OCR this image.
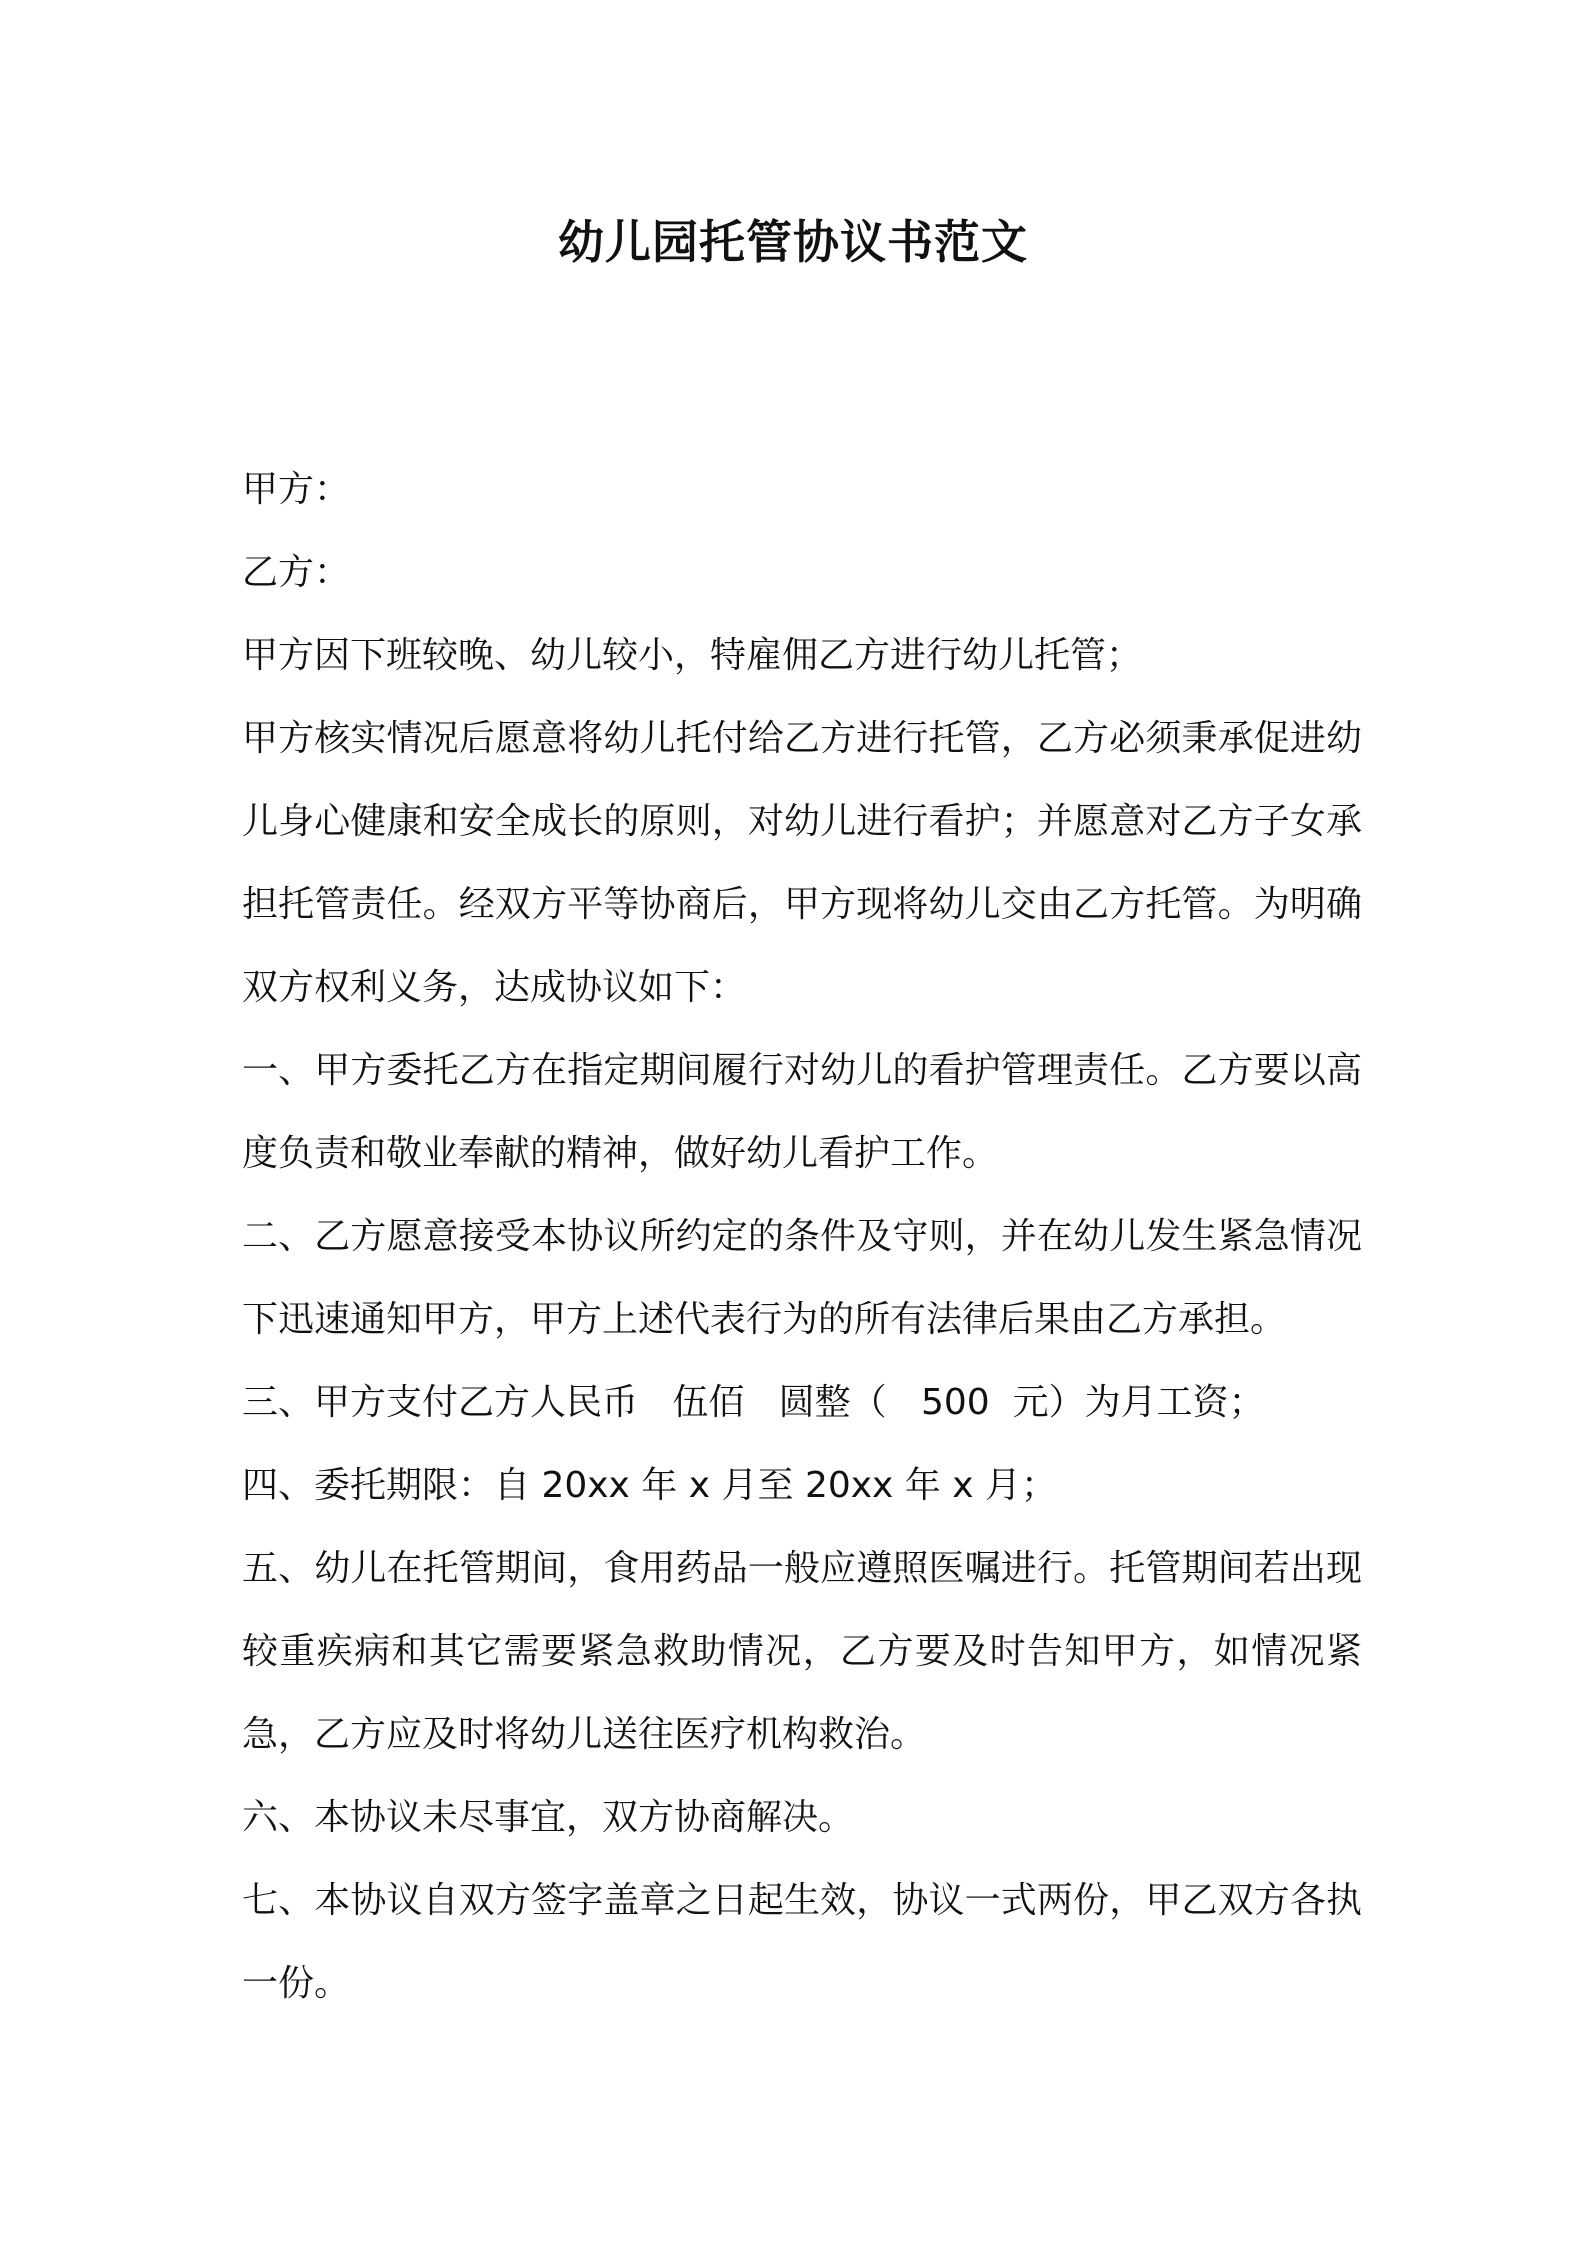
幼儿园托管协议书范文

甲方：

乙方：

甲方因下班较晚、幼儿较小，特雇佣乙方进行幼儿托管；

甲方核实情况后愿意将幼儿托付给乙方进行托管，乙方必须秉承促进幼儿身心健康和安全成长的原则，对幼儿进行看护；并愿意对乙方子女承担托管责任。经双方平等协商后，甲方现将幼儿交由乙方托管。为明确双方权利义务，达成协议如下：

一、甲方委托乙方在指定期间履行对幼儿的看护管理责任。乙方要以高度负责和敬业奉献的精神，做好幼儿看护工作。

二、乙方愿意接受本协议所约定的条件及守则，并在幼儿发生紧急情况下迅速通知甲方，甲方上述代表行为的所有法律后果由乙方承担。

三、甲方支付乙方人民币   伍佰   圆整（   500  元）为月工资；

四、委托期限：自 20xx 年 x 月至 20xx 年 x 月；

五、幼儿在托管期间，食用药品一般应遵照医嘱进行。托管期间若出现较重疾病和其它需要紧急救助情况，乙方要及时告知甲方，如情况紧急，乙方应及时将幼儿送往医疗机构救治。

六、本协议未尽事宜，双方协商解决。

七、本协议自双方签字盖章之日起生效，协议一式两份，甲乙双方各执一份。
